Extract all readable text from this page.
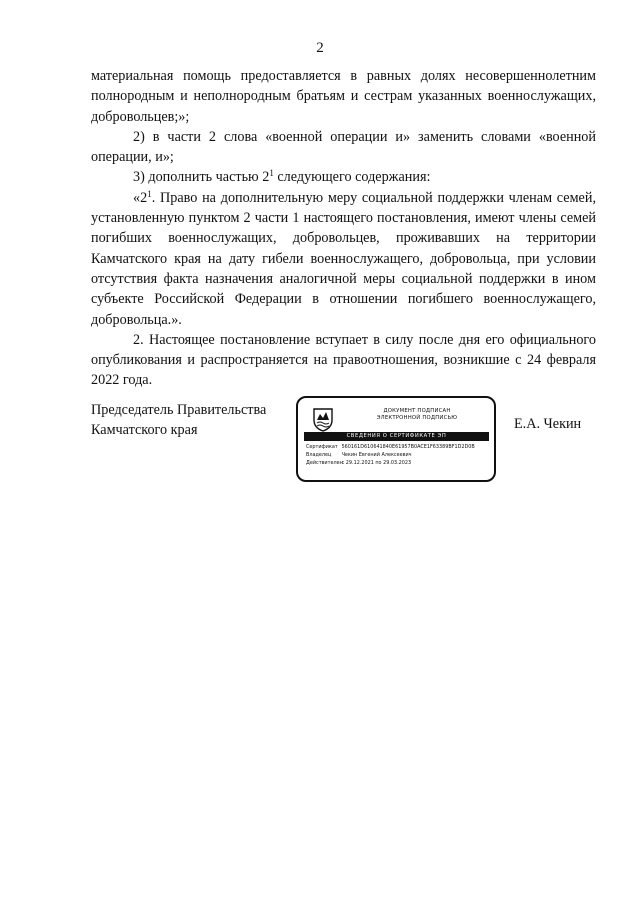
2

материальная помощь предоставляется в равных долях несовершеннолетним полнородным и неполнородным братьям и сестрам указанных военнослужащих, добровольцев;»;

2) в части 2 слова «военной операции и» заменить словами «военной операции, и»;

3) дополнить частью $2^1$ следующего содержания:

«$2^1$. Право на дополнительную меру социальной поддержки членам семей, установленную пунктом 2 части 1 настоящего постановления, имеют члены семей погибших военнослужащих, добровольцев, проживавших на территории Камчатского края на дату гибели военнослужащего, добровольца, при условии отсутствия факта назначения аналогичной меры социальной поддержки в ином субъекте Российской Федерации в отношении погибшего военнослужащего, добровольца.».

2. Настоящее постановление вступает в силу после дня его официального опубликования и распространяется на правоотношения, возникшие с 24 февраля 2022 года.

Председатель Правительства
Камчатского края
ДОКУМЕНТ ПОДПИСАН
ЭЛЕКТРОННОЙ ПОДПИСЬЮ
СВЕДЕНИЯ О СЕРТИФИКАТЕ ЭП
Сертификат 560161D610641840E61957B0ACE1F63389BF1D2D0B
Владелец Чекин Евгений Алексеевич
Действителен с 29.12.2021 по 29.03.2023
Е.А. Чекин
